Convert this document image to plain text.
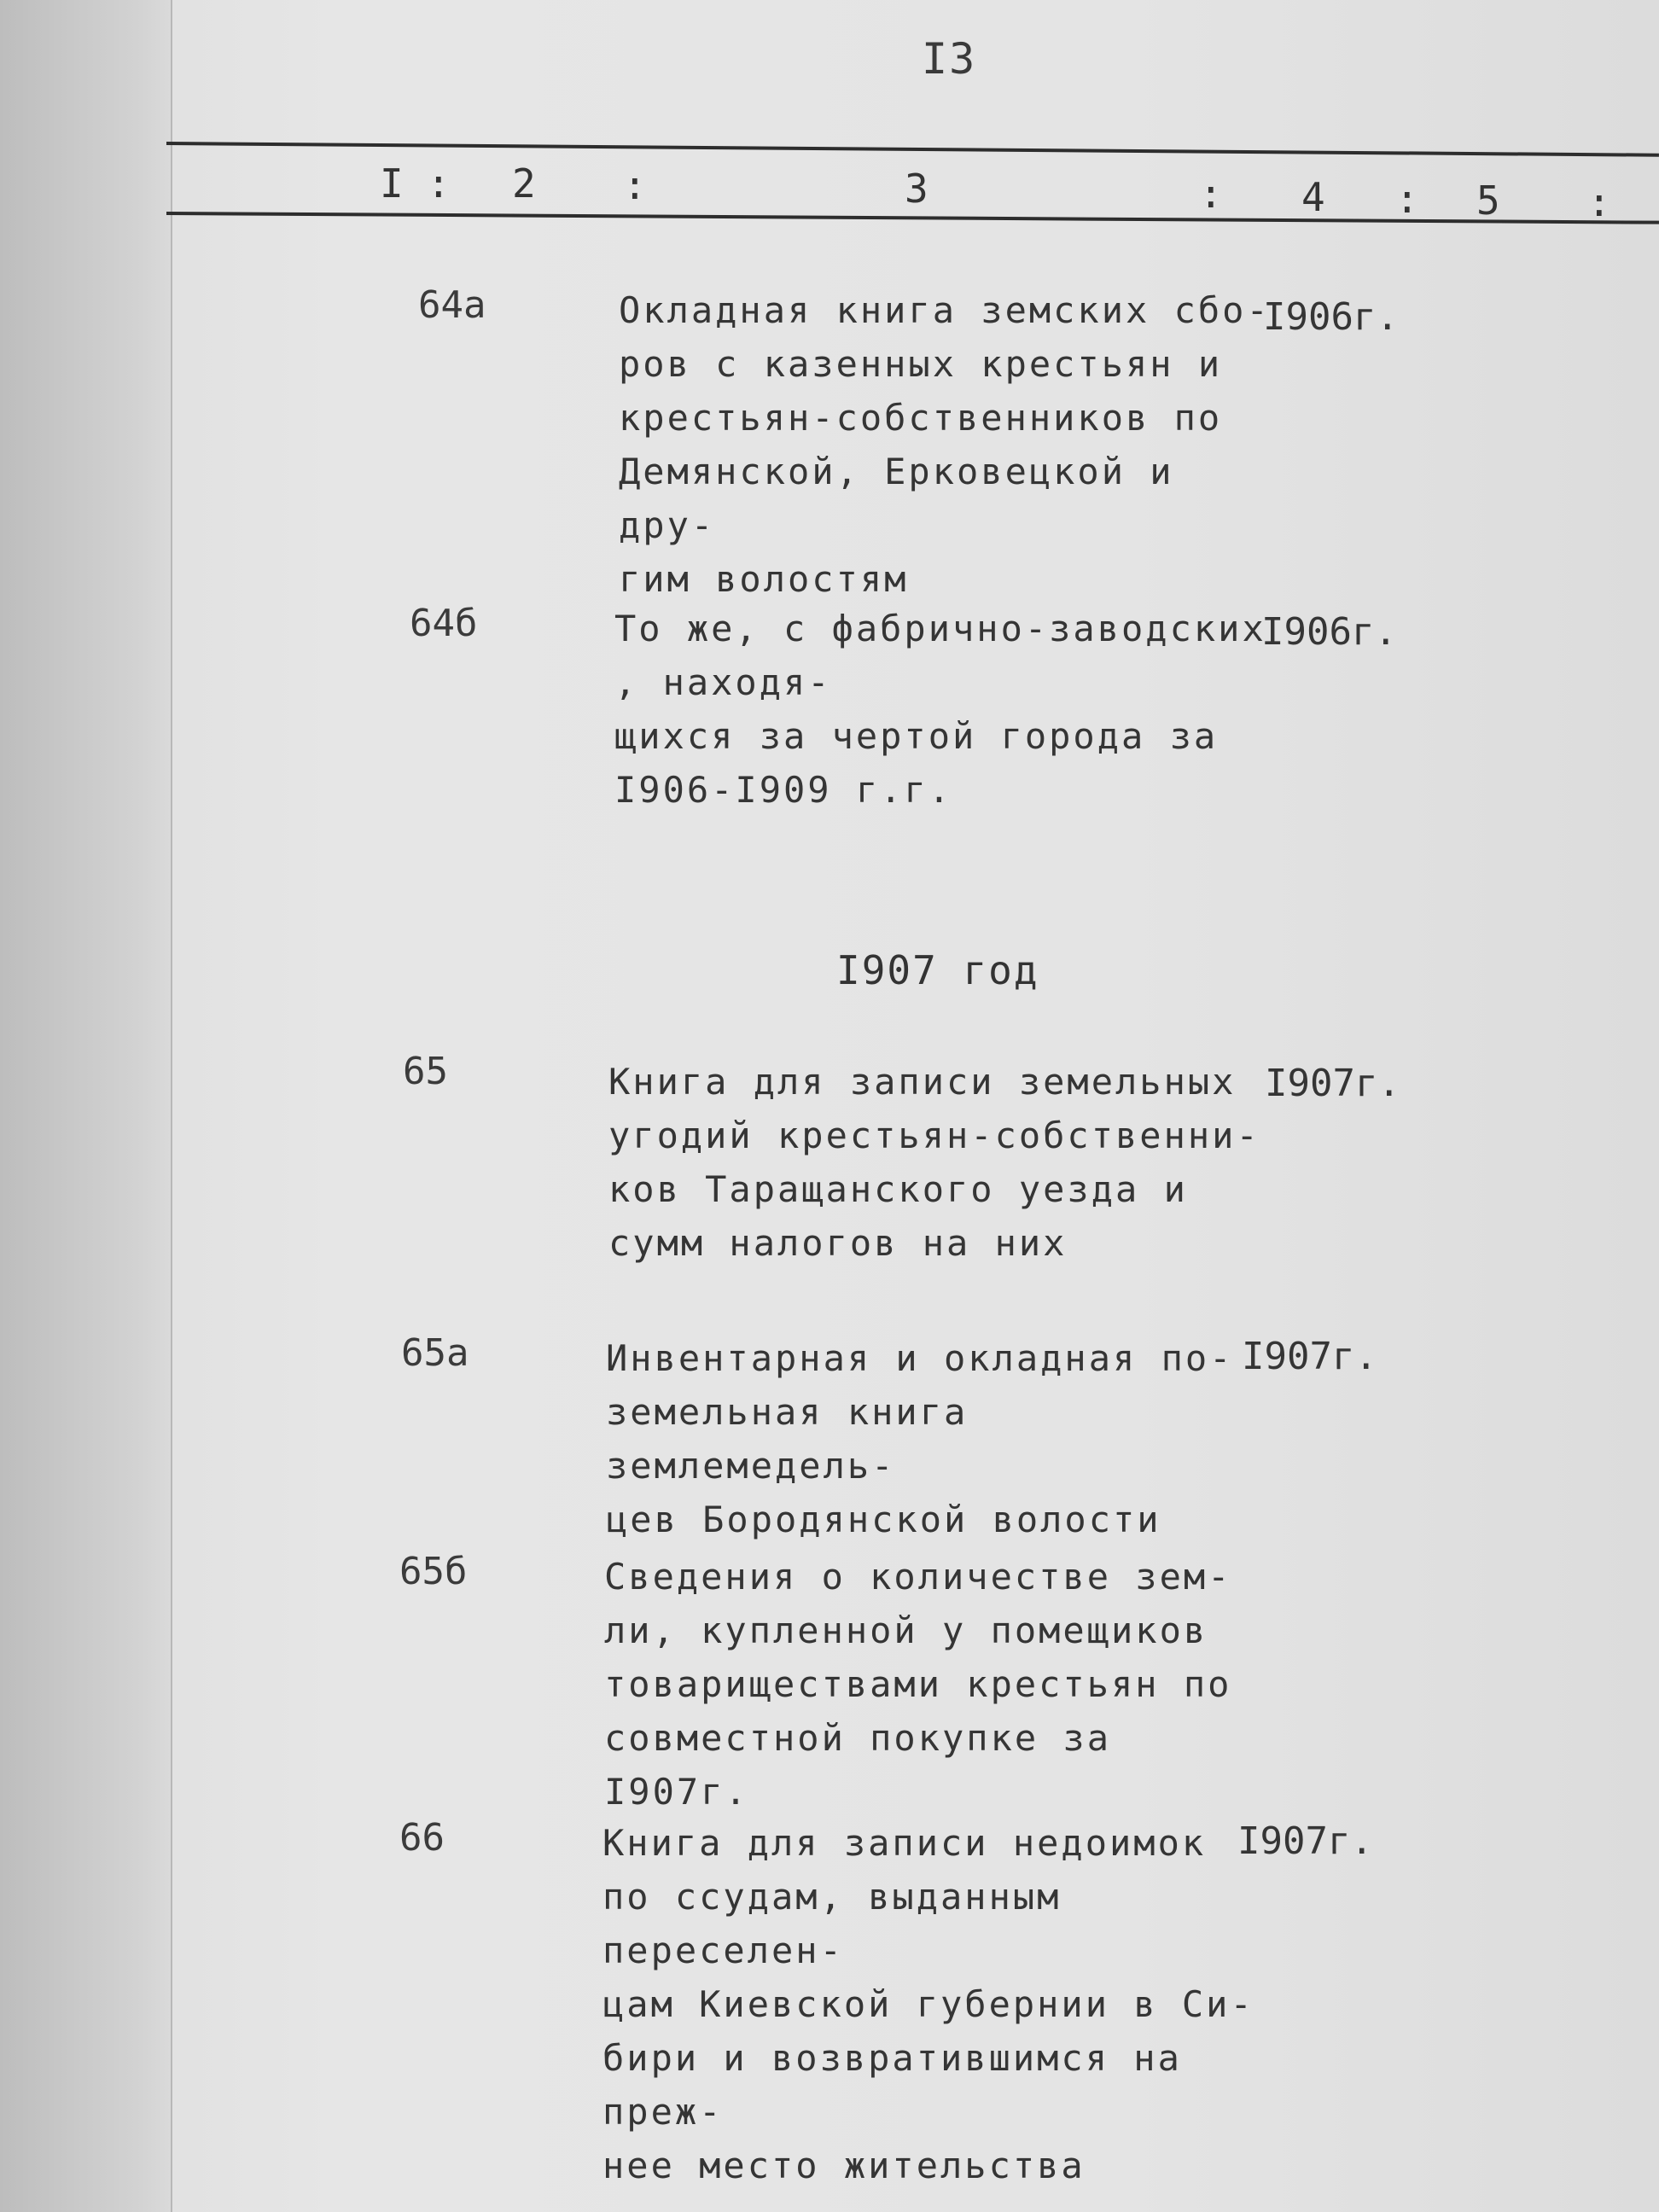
I3
I : 2 :	3	: 4 : 5 :
64а	Окладная книга земских сбо-
ров с казенных крестьян и
крестьян-собственников по
Демянской, Ерковецкой и дру-
гим волостям
I906г.
64б	То же, с фабрично-заводских
, находя-
щихся за чертой города за
I906-I909 г.г.
I906г.
I907 год
65	Книга для записи земельных
угодий крестьян-собственни-
ков Таращанского уезда и
сумм налогов на них
I907г.
65а	Инвентарная и окладная по-
земельная книга землемедель-
цев Бородянской волости
I907г.
65б	Сведения о количестве зем-
ли, купленной у помещиков
товариществами крестьян по
совместной покупке за I907г.
66	Книга для записи недоимок
по ссудам, выданным переселен-
цам Киевской губернии в Си-
бири и возвратившимся на преж-
нее место жительства
I907г.
